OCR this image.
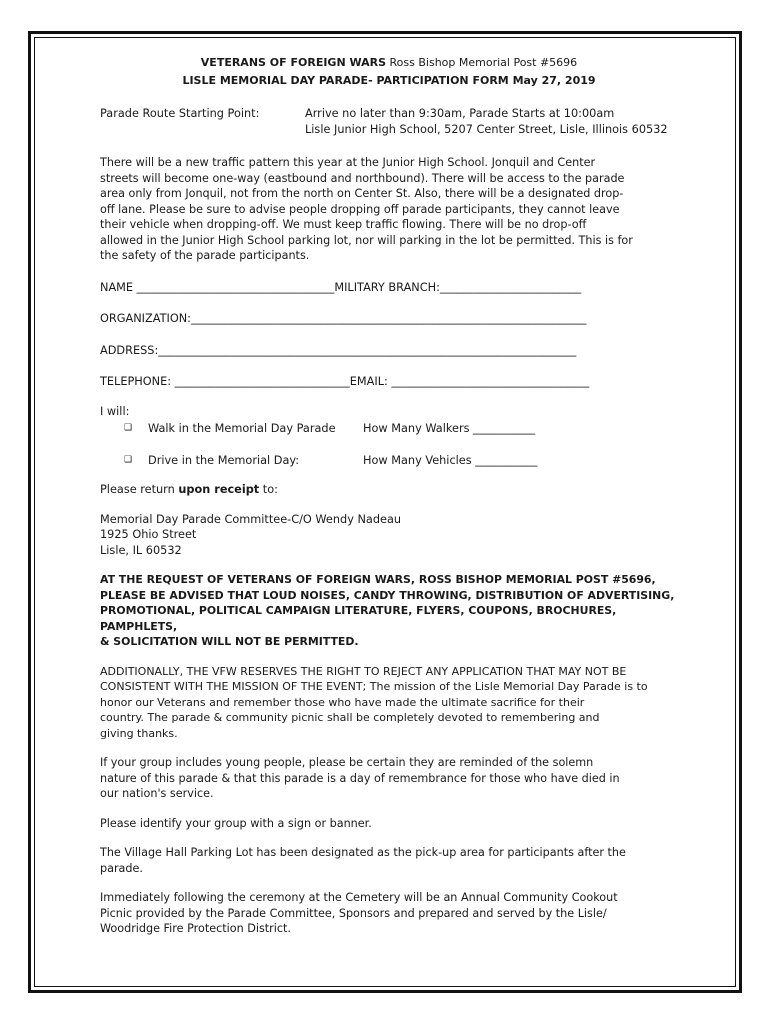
VETERANS OF FOREIGN WARS Ross Bishop Memorial Post #5696

LISLE MEMORIAL DAY PARADE- PARTICIPATION FORM May 27, 2019

Parade Route Starting Point:	Arrive no later than 9:30am, Parade Starts at 10:00am
Lisle Junior High School, 5207 Center Street, Lisle, Illinois 60532
There will be a new traffic pattern this year at the Junior High School. Jonquil and Center
streets will become one-way (eastbound and northbound). There will be access to the parade
area only from Jonquil, not from the north on Center St. Also, there will be a designated drop-
off lane. Please be sure to advise people dropping off parade participants, they cannot leave
their vehicle when dropping-off. We must keep traffic flowing. There will be no drop-off
allowed in the Junior High School parking lot, nor will parking in the lot be permitted. This is for
the safety of the parade participants.
NAME ___________________________________MILITARY BRANCH:_________________________
ORGANIZATION:______________________________________________________________________
ADDRESS:__________________________________________________________________________
TELEPHONE: _______________________________EMAIL: ___________________________________
I will:
❑	Walk in the Memorial Day Parade	How Many Walkers ___________
❑	Drive in the Memorial Day:	How Many Vehicles ___________
Please return upon receipt to:
Memorial Day Parade Committee-C/O Wendy Nadeau
1925 Ohio Street
Lisle, IL 60532
AT THE REQUEST OF VETERANS OF FOREIGN WARS, ROSS BISHOP MEMORIAL POST #5696,
PLEASE BE ADVISED THAT LOUD NOISES, CANDY THROWING, DISTRIBUTION OF ADVERTISING,
PROMOTIONAL, POLITICAL CAMPAIGN LITERATURE, FLYERS, COUPONS, BROCHURES, PAMPHLETS,
& SOLICITATION WILL NOT BE PERMITTED.
ADDITIONALLY, THE VFW RESERVES THE RIGHT TO REJECT ANY APPLICATION THAT MAY NOT BE
CONSISTENT WITH THE MISSION OF THE EVENT; The mission of the Lisle Memorial Day Parade is to
honor our Veterans and remember those who have made the ultimate sacrifice for their
country. The parade & community picnic shall be completely devoted to remembering and
giving thanks.
If your group includes young people, please be certain they are reminded of the solemn
nature of this parade & that this parade is a day of remembrance for those who have died in
our nation's service.
Please identify your group with a sign or banner.
The Village Hall Parking Lot has been designated as the pick-up area for participants after the
parade.
Immediately following the ceremony at the Cemetery will be an Annual Community Cookout
Picnic provided by the Parade Committee, Sponsors and prepared and served by the Lisle/
Woodridge Fire Protection District.
